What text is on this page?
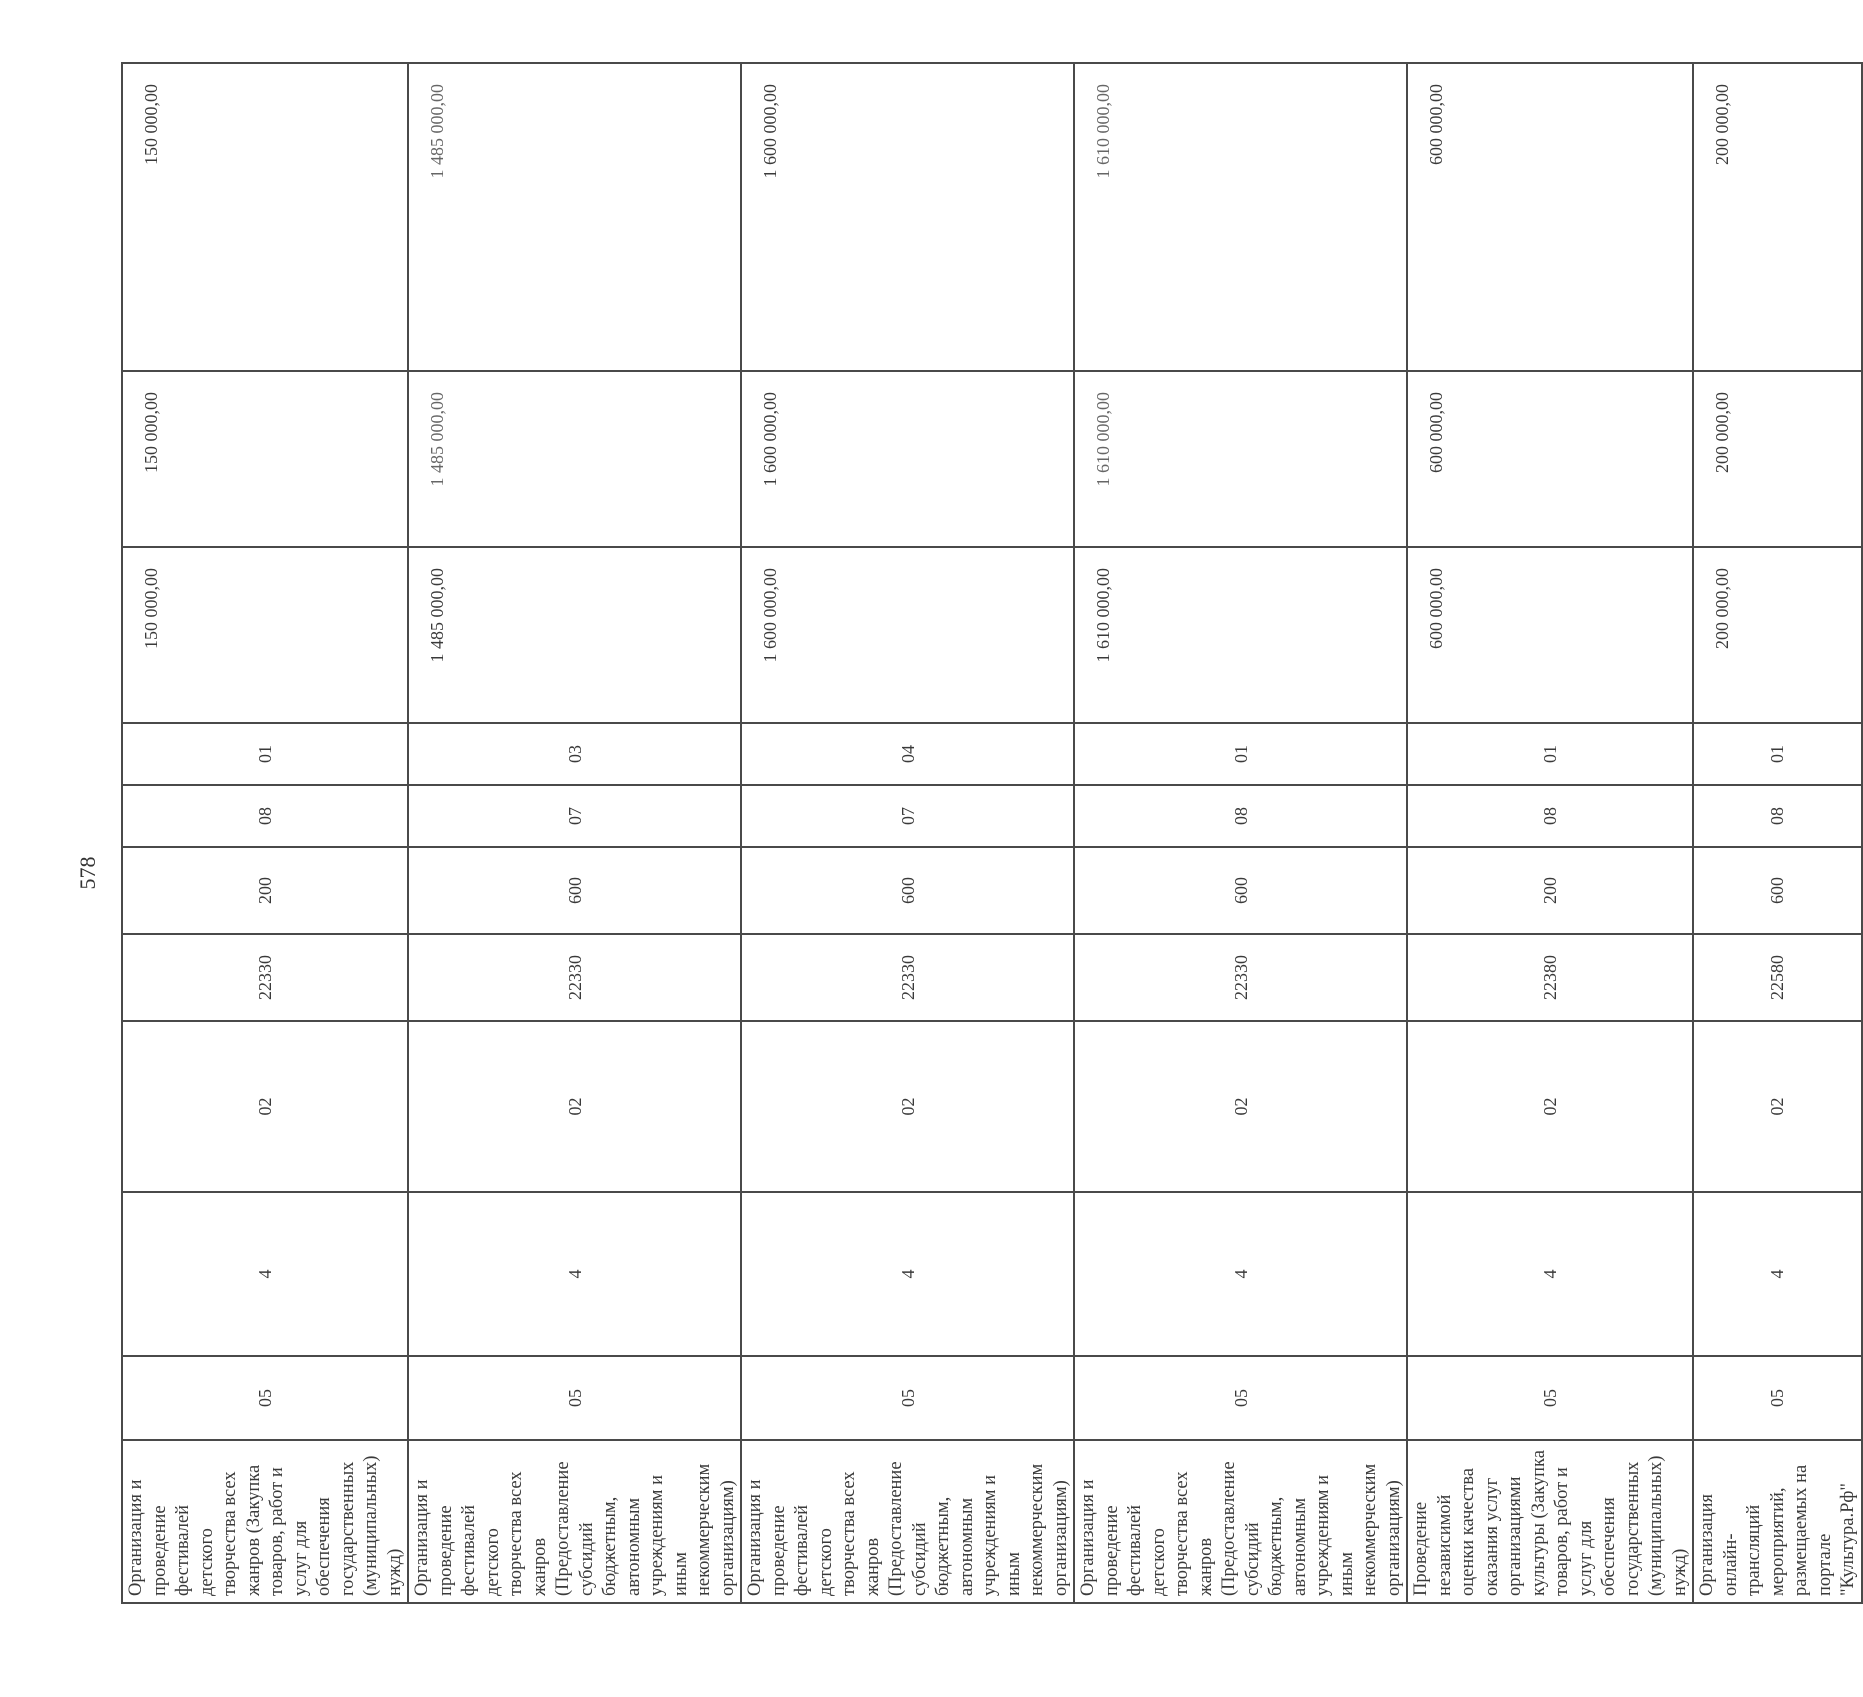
578
Организация и проведение фестивалей детского творчества всех жанров (Закупка товаров, работ и услуг для обеспечения государственных (муниципальных) нужд)	05	4	02	22330	200	08	01	150 000,00	150 000,00	150 000,00
Организация и проведение фестивалей детского творчества всех жанров (Предоставление субсидий бюджетным, автономным учреждениям и иным некоммерческим организациям)	05	4	02	22330	600	07	03	1 485 000,00	1 485 000,00	1 485 000,00
Организация и проведение фестивалей детского творчества всех жанров (Предоставление субсидий бюджетным, автономным учреждениям и иным некоммерческим организациям)	05	4	02	22330	600	07	04	1 600 000,00	1 600 000,00	1 600 000,00
Организация и проведение фестивалей детского творчества всех жанров (Предоставление субсидий бюджетным, автономным учреждениям и иным некоммерческим организациям)	05	4	02	22330	600	08	01	1 610 000,00	1 610 000,00	1 610 000,00
Проведение независимой оценки качества оказания услуг организациями культуры (Закупка товаров, работ и услуг для обеспечения государственных (муниципальных) нужд)	05	4	02	22380	200	08	01	600 000,00	600 000,00	600 000,00
Организация онлайн-трансляций мероприятий, размещаемых на портале "Культура.Рф"	05	4	02	22580	600	08	01	200 000,00	200 000,00	200 000,00
